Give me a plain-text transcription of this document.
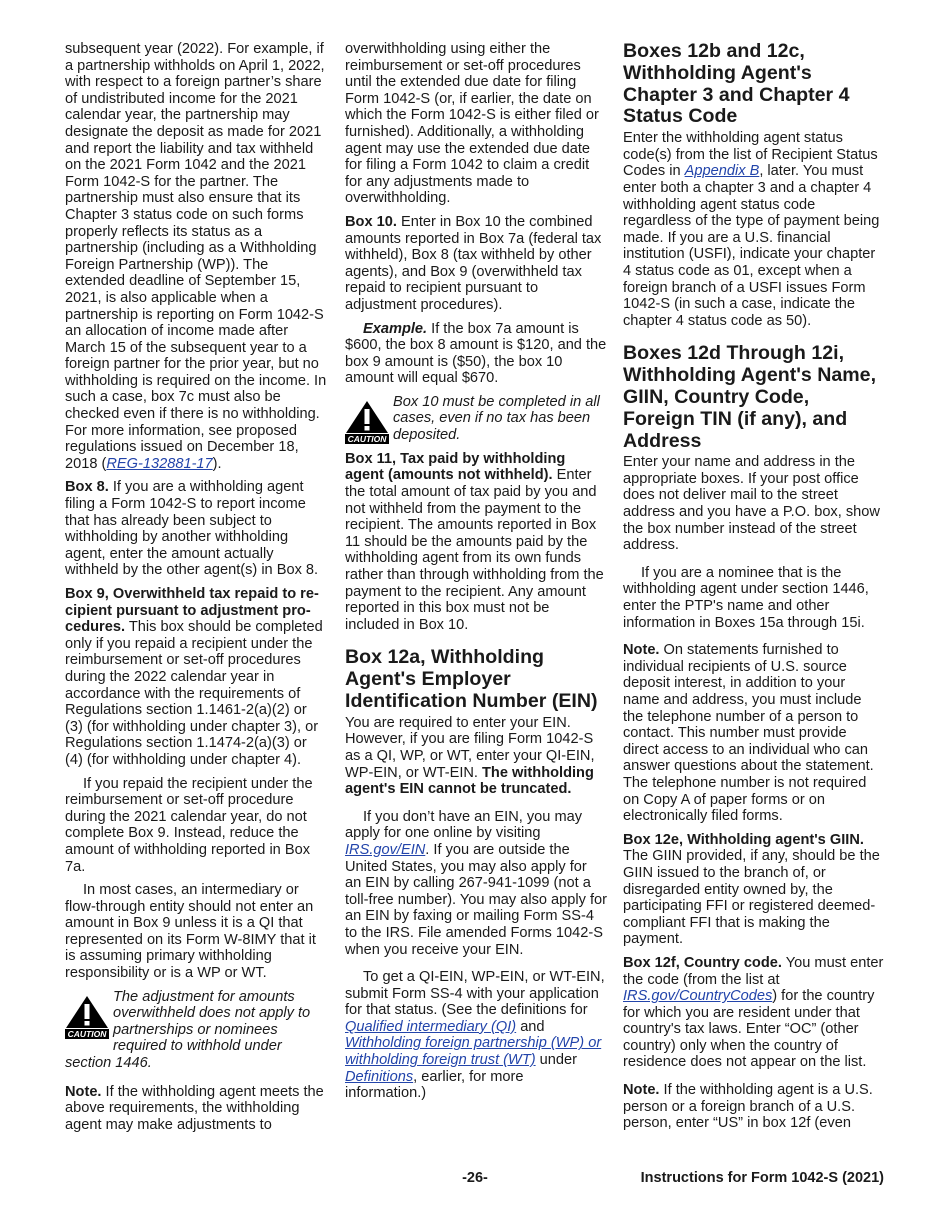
subsequent year (2022). For example, if a partnership withholds on April 1, 2022, with respect to a foreign partner’s share of undistributed income for the 2021 calendar year, the partnership may designate the deposit as made for 2021 and report the liability and tax withheld on the 2021 Form 1042 and the 2021 Form 1042-S for the partner. The partnership must also ensure that its Chapter 3 status code on such forms properly reflects its status as a partnership (including as a Withholding Foreign Partnership (WP)). The extended deadline of September 15, 2021, is also applicable when a partnership is reporting on Form 1042-S an allocation of income made after March 15 of the subsequent year to a foreign partner for the prior year, but no withholding is required on the income. In such a case, box 7c must also be checked even if there is no withholding. For more information, see proposed regulations issued on December 18, 2018 (REG-132881-17).

Box 8. If you are a withholding agent filing a Form 1042-S to report income that has already been subject to withholding by another withholding agent, enter the amount actually withheld by the other agent(s) in Box 8.

Box 9, Overwithheld tax repaid to recipient pursuant to adjustment procedures. This box should be completed only if you repaid a recipient under the reimbursement or set-off procedures during the 2022 calendar year in accordance with the requirements of Regulations section 1.1461-2(a)(2) or (3) (for withholding under chapter 3), or Regulations section 1.1474-2(a)(3) or (4) (for withholding under chapter 4).

If you repaid the recipient under the reimbursement or set-off procedure during the 2021 calendar year, do not complete Box 9. Instead, reduce the amount of withholding reported in Box 7a.

In most cases, an intermediary or flow-through entity should not enter an amount in Box 9 unless it is a QI that represented on its Form W-8IMY that it is assuming primary withholding responsibility or is a WP or WT.

CAUTION
The adjustment for amounts overwithheld does not apply to partnerships or nominees required to withhold under section 1446.

Note. If the withholding agent meets the above requirements, the withholding agent may make adjustments to

overwithholding using either the reimbursement or set-off procedures until the extended due date for filing Form 1042-S (or, if earlier, the date on which the Form 1042-S is either filed or furnished). Additionally, a withholding agent may use the extended due date for filing a Form 1042 to claim a credit for any adjustments made to overwithholding.

Box 10. Enter in Box 10 the combined amounts reported in Box 7a (federal tax withheld), Box 8 (tax withheld by other agents), and Box 9 (overwithheld tax repaid to recipient pursuant to adjustment procedures).

Example. If the box 7a amount is $600, the box 8 amount is $120, and the box 9 amount is ($50), the box 10 amount will equal $670.

CAUTION
Box 10 must be completed in all cases, even if no tax has been deposited.

Box 11, Tax paid by withholding agent (amounts not withheld). Enter the total amount of tax paid by you and not withheld from the payment to the recipient. The amounts reported in Box 11 should be the amounts paid by the withholding agent from its own funds rather than through withholding from the payment to the recipient. Any amount reported in this box must not be included in Box 10.

Box 12a, Withholding Agent's Employer Identification Number (EIN)

You are required to enter your EIN. However, if you are filing Form 1042-S as a QI, WP, or WT, enter your QI-EIN, WP-EIN, or WT-EIN. The withholding agent's EIN cannot be truncated.

If you don’t have an EIN, you may apply for one online by visiting IRS.gov/EIN. If you are outside the United States, you may also apply for an EIN by calling 267-941-1099 (not a toll-free number). You may also apply for an EIN by faxing or mailing Form SS-4 to the IRS. File amended Forms 1042-S when you receive your EIN.

To get a QI-EIN, WP-EIN, or WT-EIN, submit Form SS-4 with your application for that status. (See the definitions for Qualified intermediary (QI) and Withholding foreign partnership (WP) or withholding foreign trust (WT) under Definitions, earlier, for more information.)

Boxes 12b and 12c, Withholding Agent's Chapter 3 and Chapter 4 Status Code

Enter the withholding agent status code(s) from the list of Recipient Status Codes in Appendix B, later. You must enter both a chapter 3 and a chapter 4 withholding agent status code regardless of the type of payment being made. If you are a U.S. financial institution (USFI), indicate your chapter 4 status code as 01, except when a foreign branch of a USFI issues Form 1042-S (in such a case, indicate the chapter 4 status code as 50).

Boxes 12d Through 12i, Withholding Agent's Name, GIIN, Country Code, Foreign TIN (if any), and Address

Enter your name and address in the appropriate boxes. If your post office does not deliver mail to the street address and you have a P.O. box, show the box number instead of the street address.

If you are a nominee that is the withholding agent under section 1446, enter the PTP's name and other information in Boxes 15a through 15i.

Note. On statements furnished to individual recipients of U.S. source deposit interest, in addition to your name and address, you must include the telephone number of a person to contact. This number must provide direct access to an individual who can answer questions about the statement. The telephone number is not required on Copy A of paper forms or on electronically filed forms.

Box 12e, Withholding agent's GIIN. The GIIN provided, if any, should be the GIIN issued to the branch of, or disregarded entity owned by, the participating FFI or registered deemed-compliant FFI that is making the payment.

Box 12f, Country code. You must enter the code (from the list at IRS.gov/CountryCodes) for the country for which you are resident under that country's tax laws. Enter “OC” (other country) only when the country of residence does not appear on the list.

Note. If the withholding agent is a U.S. person or a foreign branch of a U.S. person, enter “US” in box 12f (even

-26-	Instructions for Form 1042-S (2021)
